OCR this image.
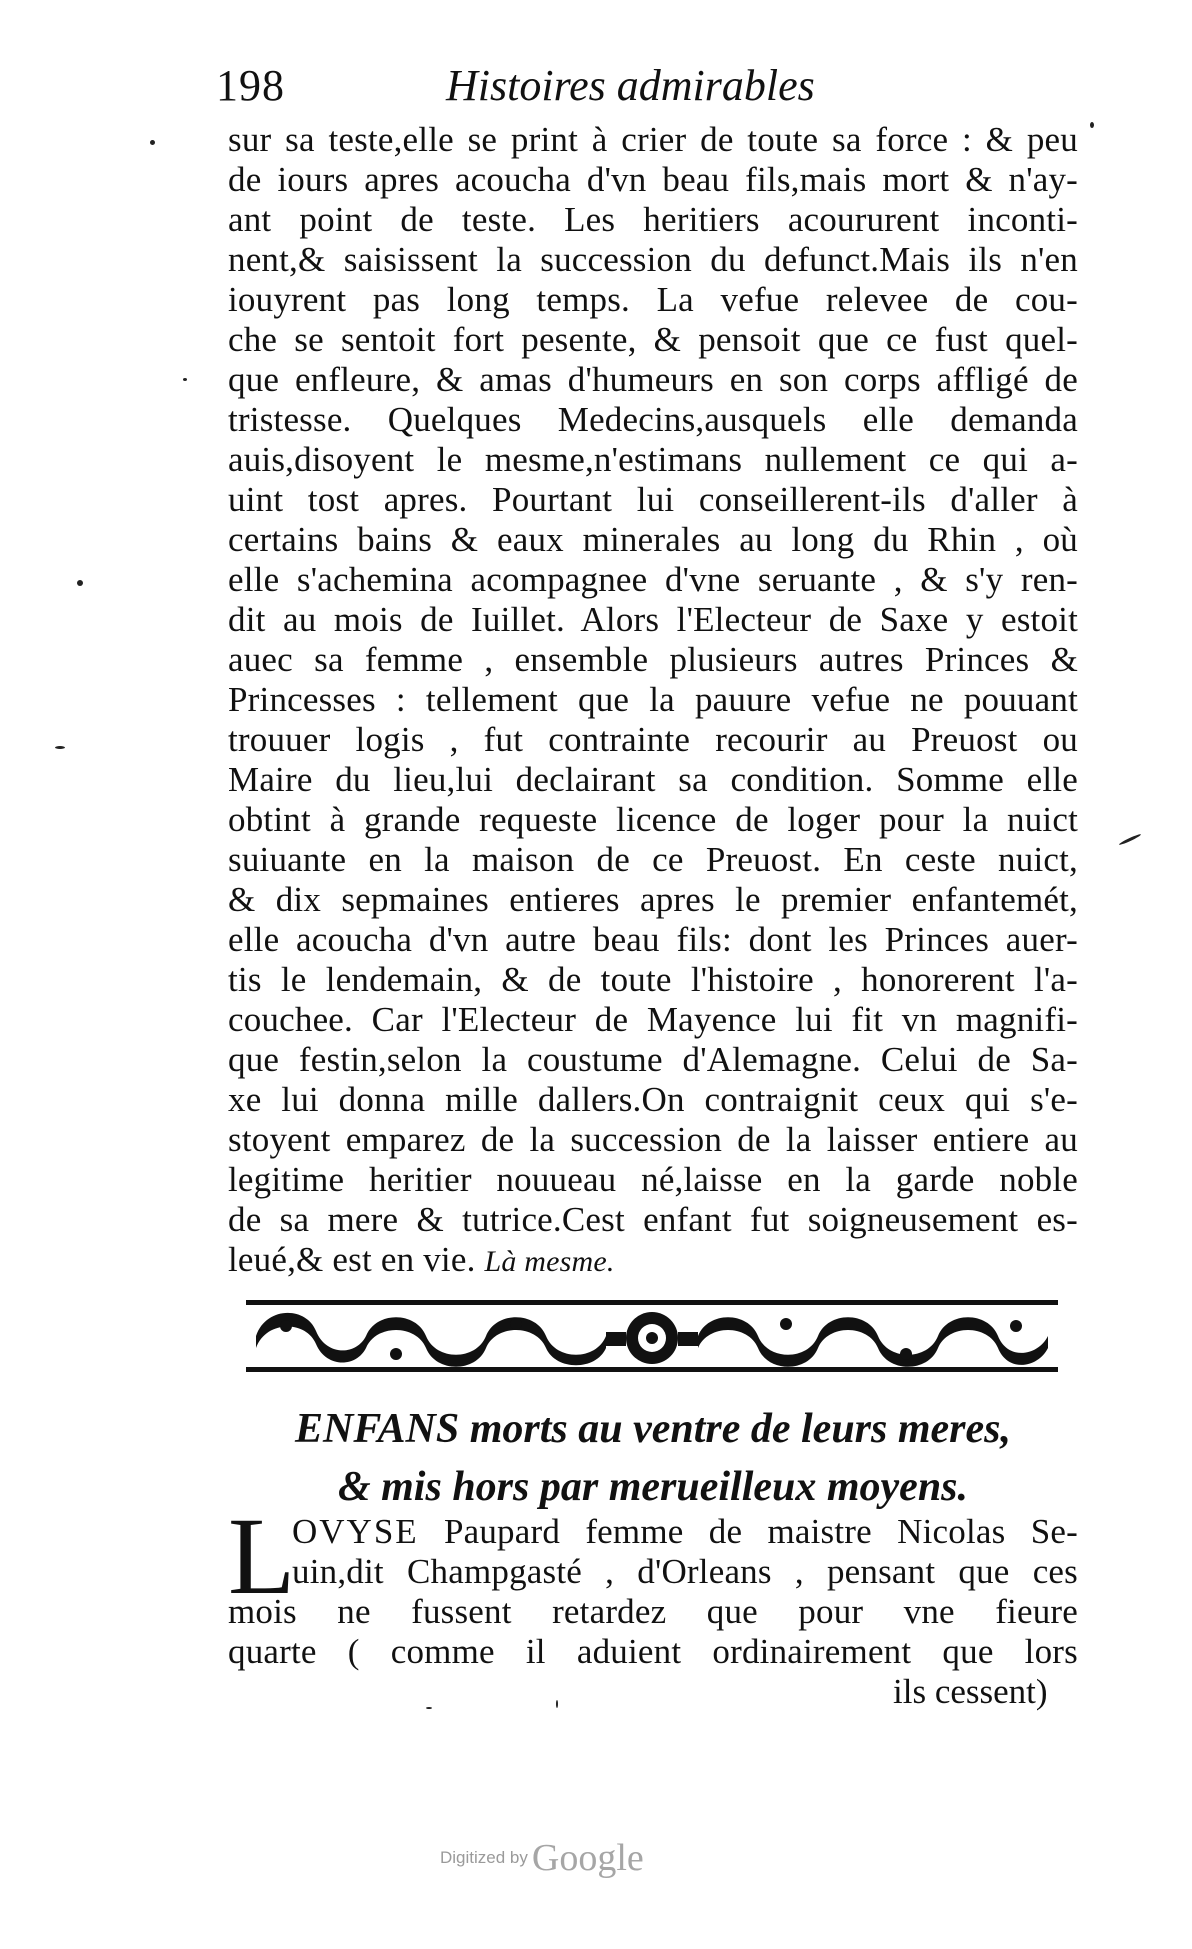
198	Histoires admirables
sur sa teste,elle se print à crier de toute sa force : & peu
de iours apres acoucha d'vn beau fils,mais mort & n'ay-
ant point de teste. Les heritiers acoururent inconti-
nent,& saisissent la succession du defunct.Mais ils n'en
iouyrent pas long temps. La vefue relevee de cou-
che se sentoit fort pesente, & pensoit que ce fust quel-
que enfleure, & amas d'humeurs en son corps affligé de
tristesse. Quelques Medecins,ausquels elle demanda
auis,disoyent le mesme,n'estimans nullement ce qui a-
uint tost apres. Pourtant lui conseillerent-ils d'aller à
certains bains & eaux minerales au long du Rhin , où
elle s'achemina acompagnee d'vne seruante , & s'y ren-
dit au mois de Iuillet. Alors l'Electeur de Saxe y estoit
auec sa femme , ensemble plusieurs autres Princes &
Princesses : tellement que la pauure vefue ne pouuant
trouuer logis , fut contrainte recourir au Preuost ou
Maire du lieu,lui declairant sa condition. Somme elle
obtint à grande requeste licence de loger pour la nuict
suiuante en la maison de ce Preuost. En ceste nuict,
& dix sepmaines entieres apres le premier enfantemét,
elle acoucha d'vn autre beau fils: dont les Princes auer-
tis le lendemain, & de toute l'histoire , honorerent l'a-
couchee. Car l'Electeur de Mayence lui fit vn magnifi-
que festin,selon la coustume d'Alemagne. Celui de Sa-
xe lui donna mille dallers.On contraignit ceux qui s'e-
stoyent emparez de la succession de la laisser entiere au
legitime heritier nouueau né,laisse en la garde noble
de sa mere & tutrice.Cest enfant fut soigneusement es-
leué,& est en vie. Là mesme.
ENFANS morts au ventre de leurs meres,
& mis hors par merueilleux moyens.
L
OVYSE Paupard femme de maistre Nicolas Se-
uin,dit Champgasté , d'Orleans , pensant que ces
mois ne fussent retardez que pour vne fieure
quarte ( comme il aduient ordinairement que lors
ils cessent)
Digitized by Google
